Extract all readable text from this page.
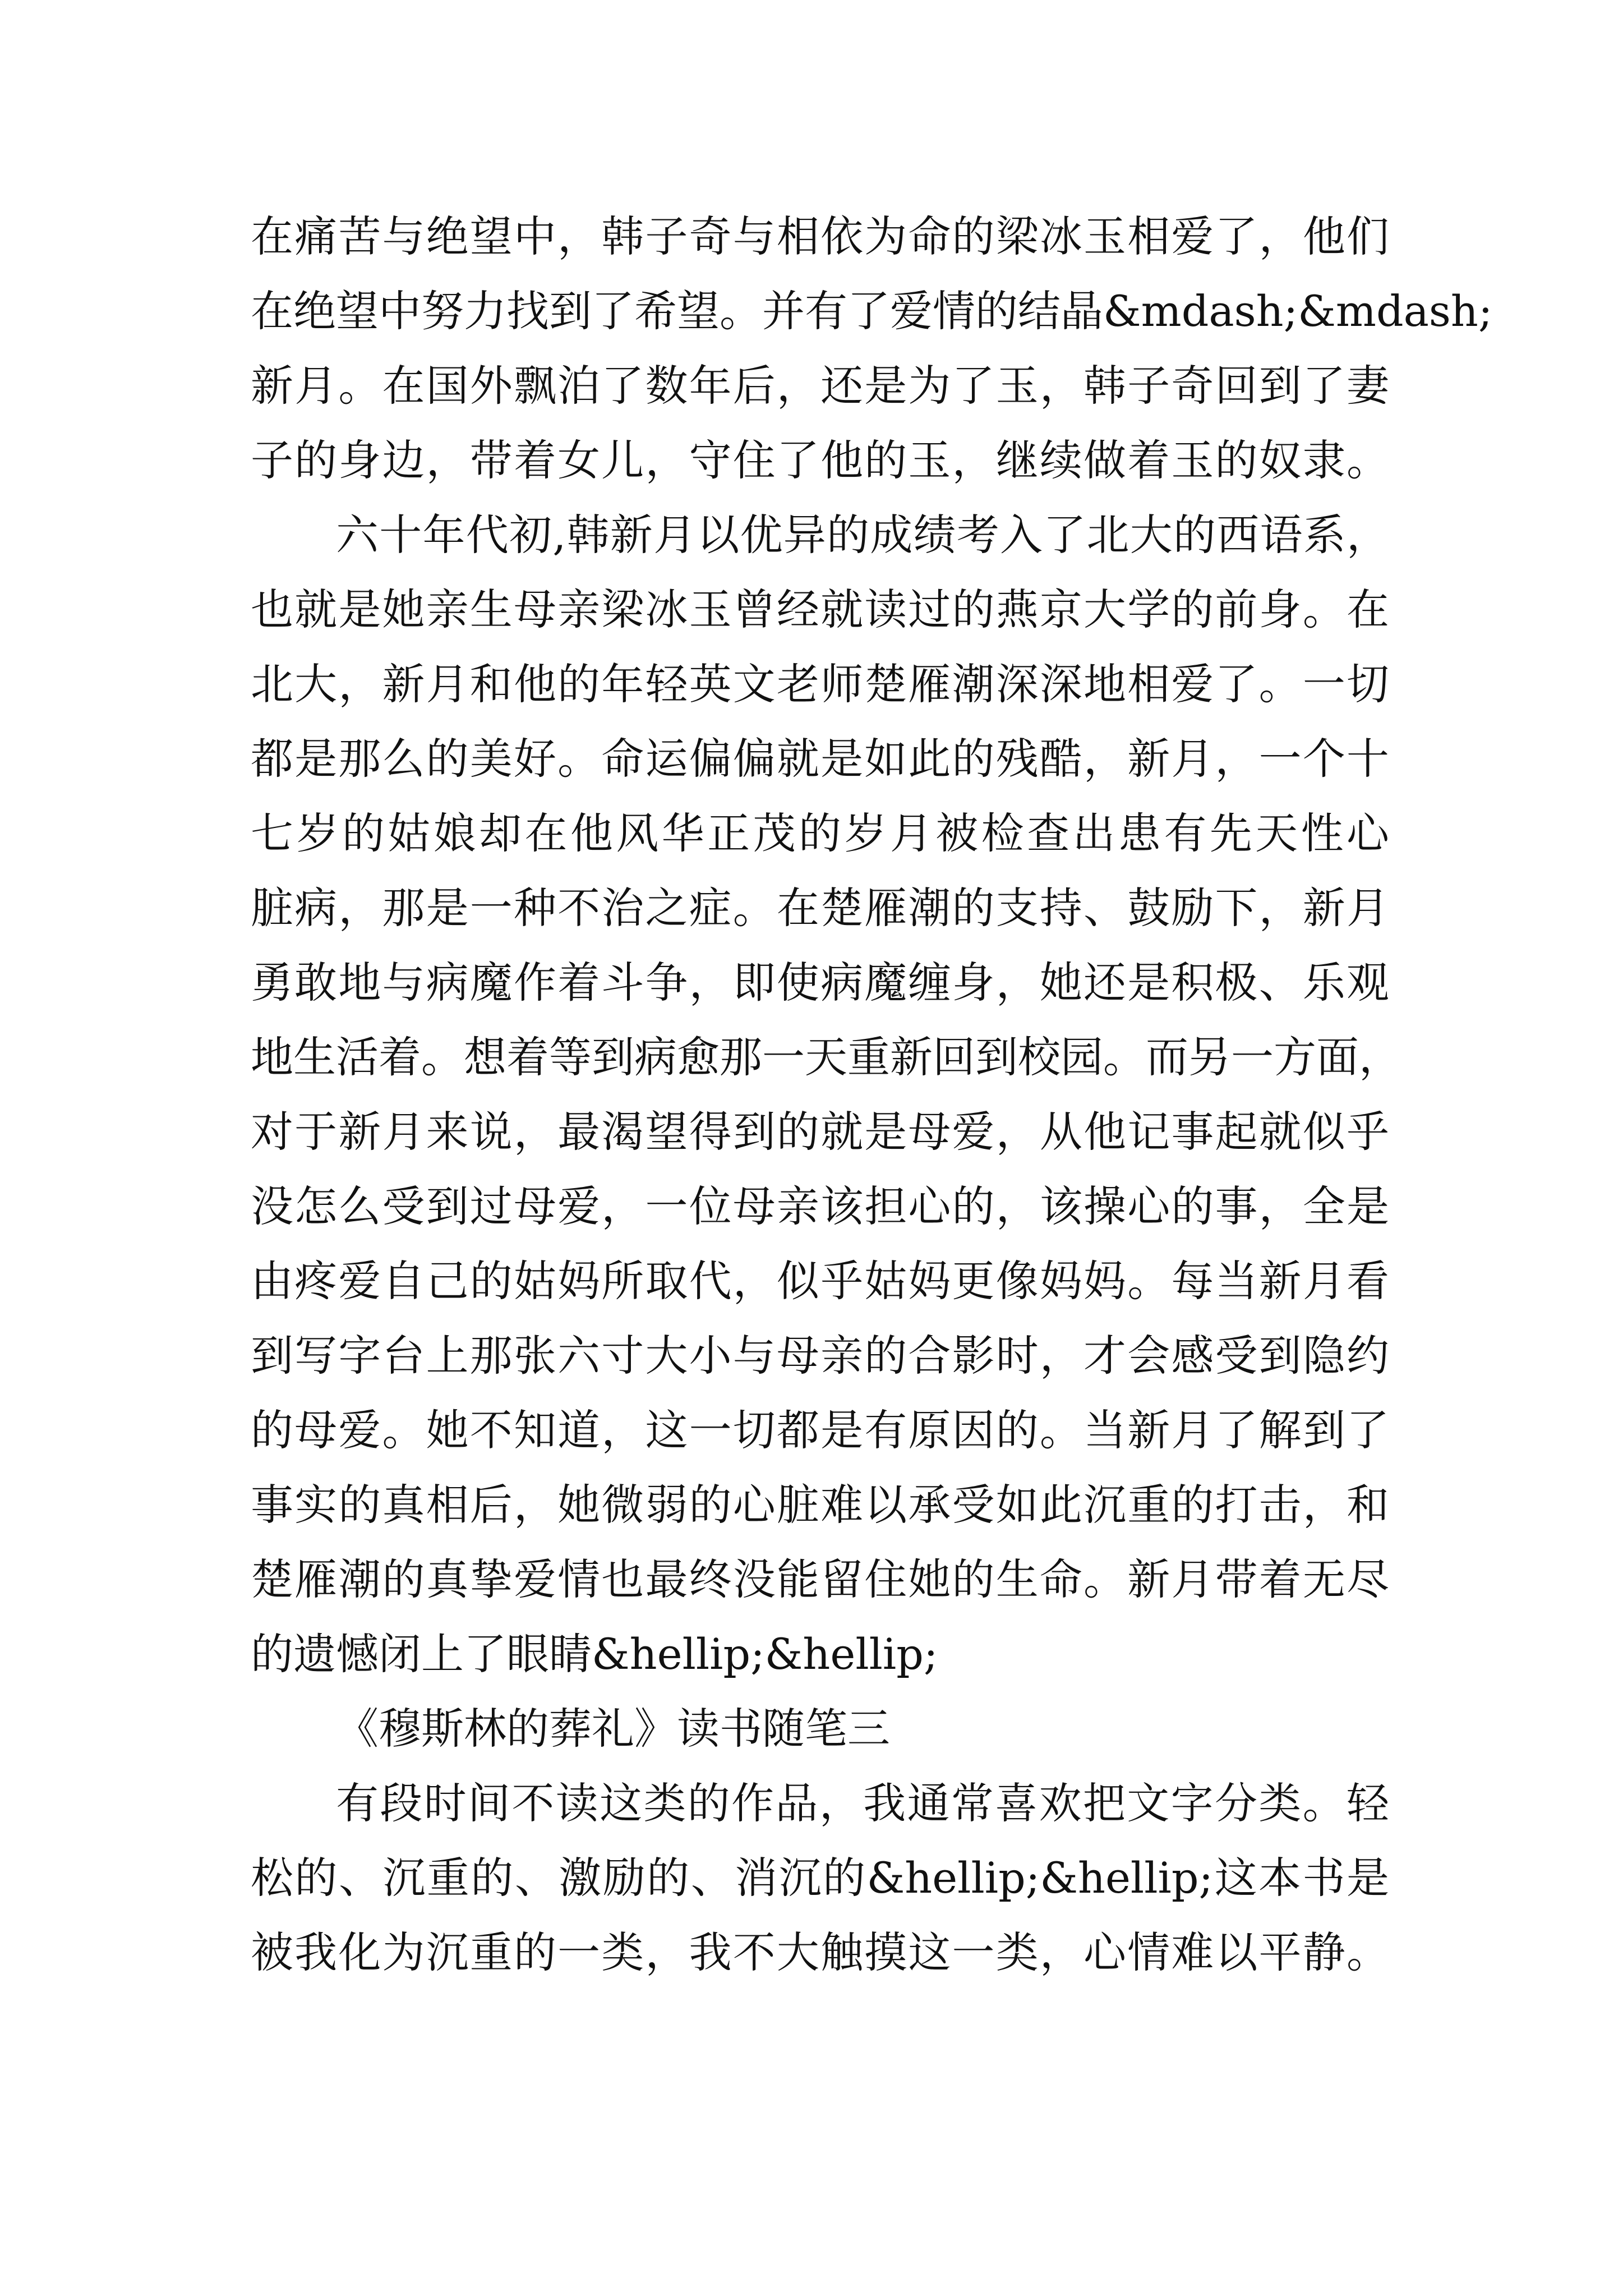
在痛苦与绝望中，韩子奇与相依为命的梁冰玉相爱了，他们
在绝望中努力找到了希望。并有了爱情的结晶&mdash;&mdash;
新月。在国外飘泊了数年后，还是为了玉，韩子奇回到了妻
子的身边，带着女儿，守住了他的玉，继续做着玉的奴隶。
六十年代初,韩新月以优异的成绩考入了北大的西语系，
也就是她亲生母亲梁冰玉曾经就读过的燕京大学的前身。在
北大，新月和他的年轻英文老师楚雁潮深深地相爱了。一切
都是那么的美好。命运偏偏就是如此的残酷，新月，一个十
七岁的姑娘却在他风华正茂的岁月被检查出患有先天性心
脏病，那是一种不治之症。在楚雁潮的支持、鼓励下，新月
勇敢地与病魔作着斗争，即使病魔缠身，她还是积极、乐观
地生活着。想着等到病愈那一天重新回到校园。而另一方面，
对于新月来说，最渴望得到的就是母爱，从他记事起就似乎
没怎么受到过母爱，一位母亲该担心的，该操心的事，全是
由疼爱自己的姑妈所取代，似乎姑妈更像妈妈。每当新月看
到写字台上那张六寸大小与母亲的合影时，才会感受到隐约
的母爱。她不知道，这一切都是有原因的。当新月了解到了
事实的真相后，她微弱的心脏难以承受如此沉重的打击，和
楚雁潮的真挚爱情也最终没能留住她的生命。新月带着无尽
的遗憾闭上了眼睛&hellip;&hellip;
《穆斯林的葬礼》读书随笔三
有段时间不读这类的作品，我通常喜欢把文字分类。轻
松的、沉重的、激励的、消沉的&hellip;&hellip;这本书是
被我化为沉重的一类，我不大触摸这一类，心情难以平静。
